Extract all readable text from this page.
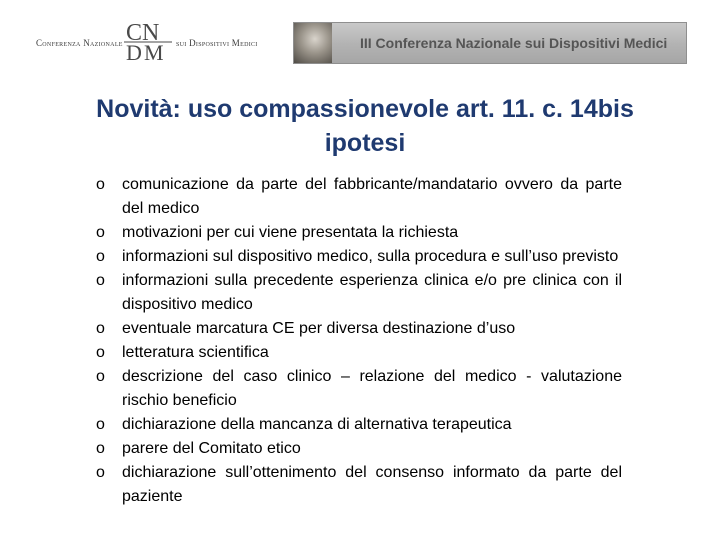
Conferenza Nazionale C N
D M sui Dispositivi Medici	III Conferenza Nazionale sui Dispositivi Medici
Novità: uso compassionevole art. 11. c. 14bis
ipotesi
o comunicazione da parte del fabbricante/mandatario ovvero da parte del medico
o motivazioni per cui viene presentata la richiesta
o informazioni sul dispositivo medico, sulla procedura e sull’uso previsto
o informazioni sulla precedente esperienza clinica e/o pre clinica con il dispositivo medico
o eventuale marcatura CE per diversa destinazione d’uso
o letteratura scientifica
o descrizione del caso clinico – relazione del medico - valutazione rischio beneficio
o dichiarazione della mancanza di alternativa terapeutica
o parere del Comitato etico
o dichiarazione sull’ottenimento del consenso informato da parte del paziente
